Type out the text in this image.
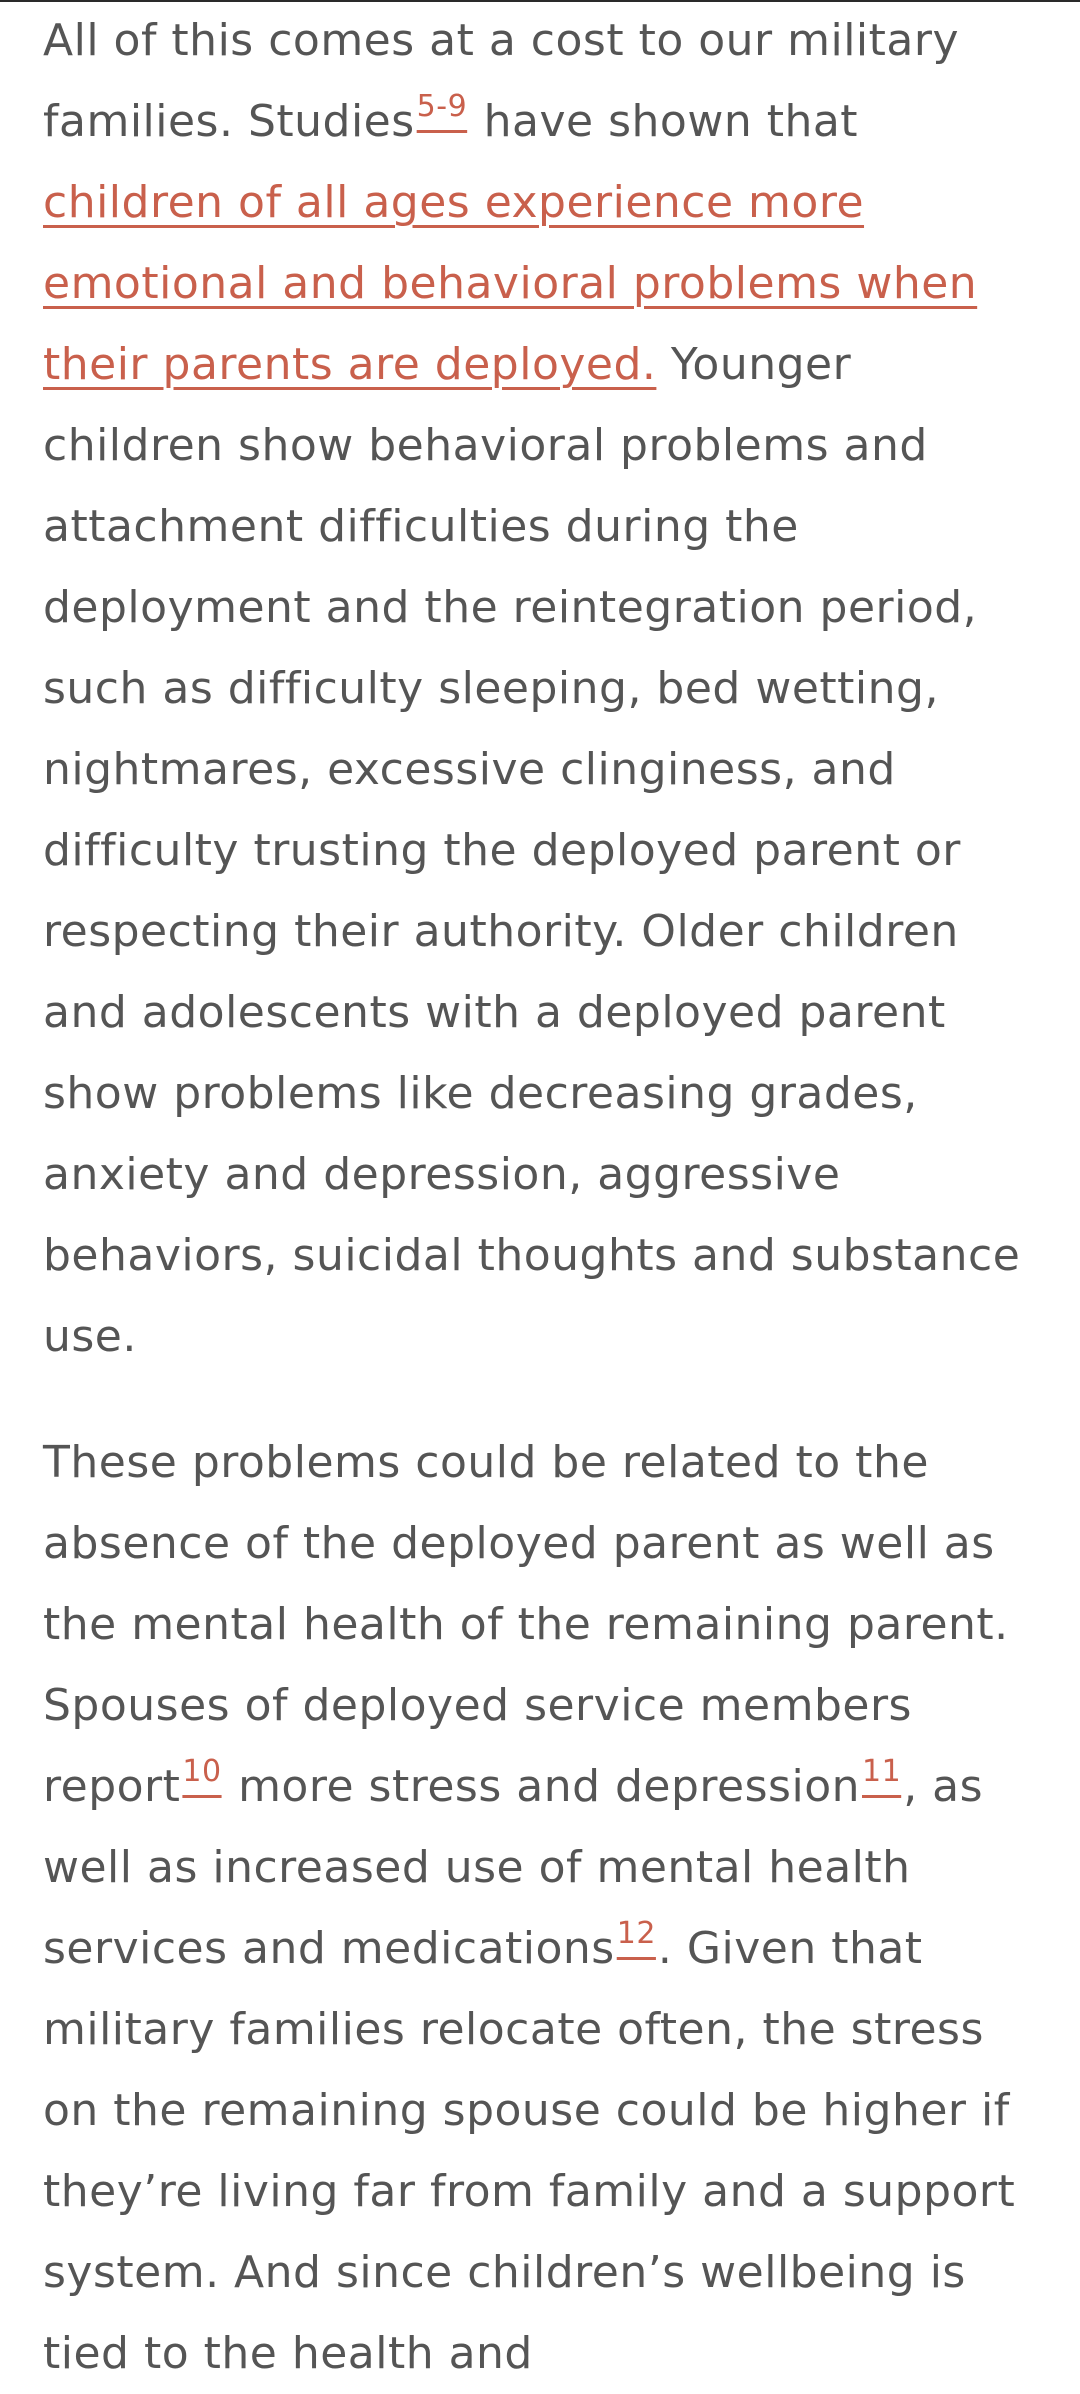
All of this comes at a cost to our military families. Studies$^{5-9}$ have shown that children of all ages experience more emotional and behavioral problems when their parents are deployed. Younger children show behavioral problems and attachment difficulties during the deployment and the reintegration period, such as difficulty sleeping, bed wetting, nightmares, excessive clinginess, and difficulty trusting the deployed parent or respecting their authority. Older children and adolescents with a deployed parent show problems like decreasing grades, anxiety and depression, aggressive behaviors, suicidal thoughts and substance use.

These problems could be related to the absence of the deployed parent as well as the mental health of the remaining parent. Spouses of deployed service members report$^{10}$ more stress and depression$^{11}$, as well as increased use of mental health services and medications$^{12}$. Given that military families relocate often, the stress on the remaining spouse could be higher if they’re living far from family and a support system. And since children’s wellbeing is tied to the health and
